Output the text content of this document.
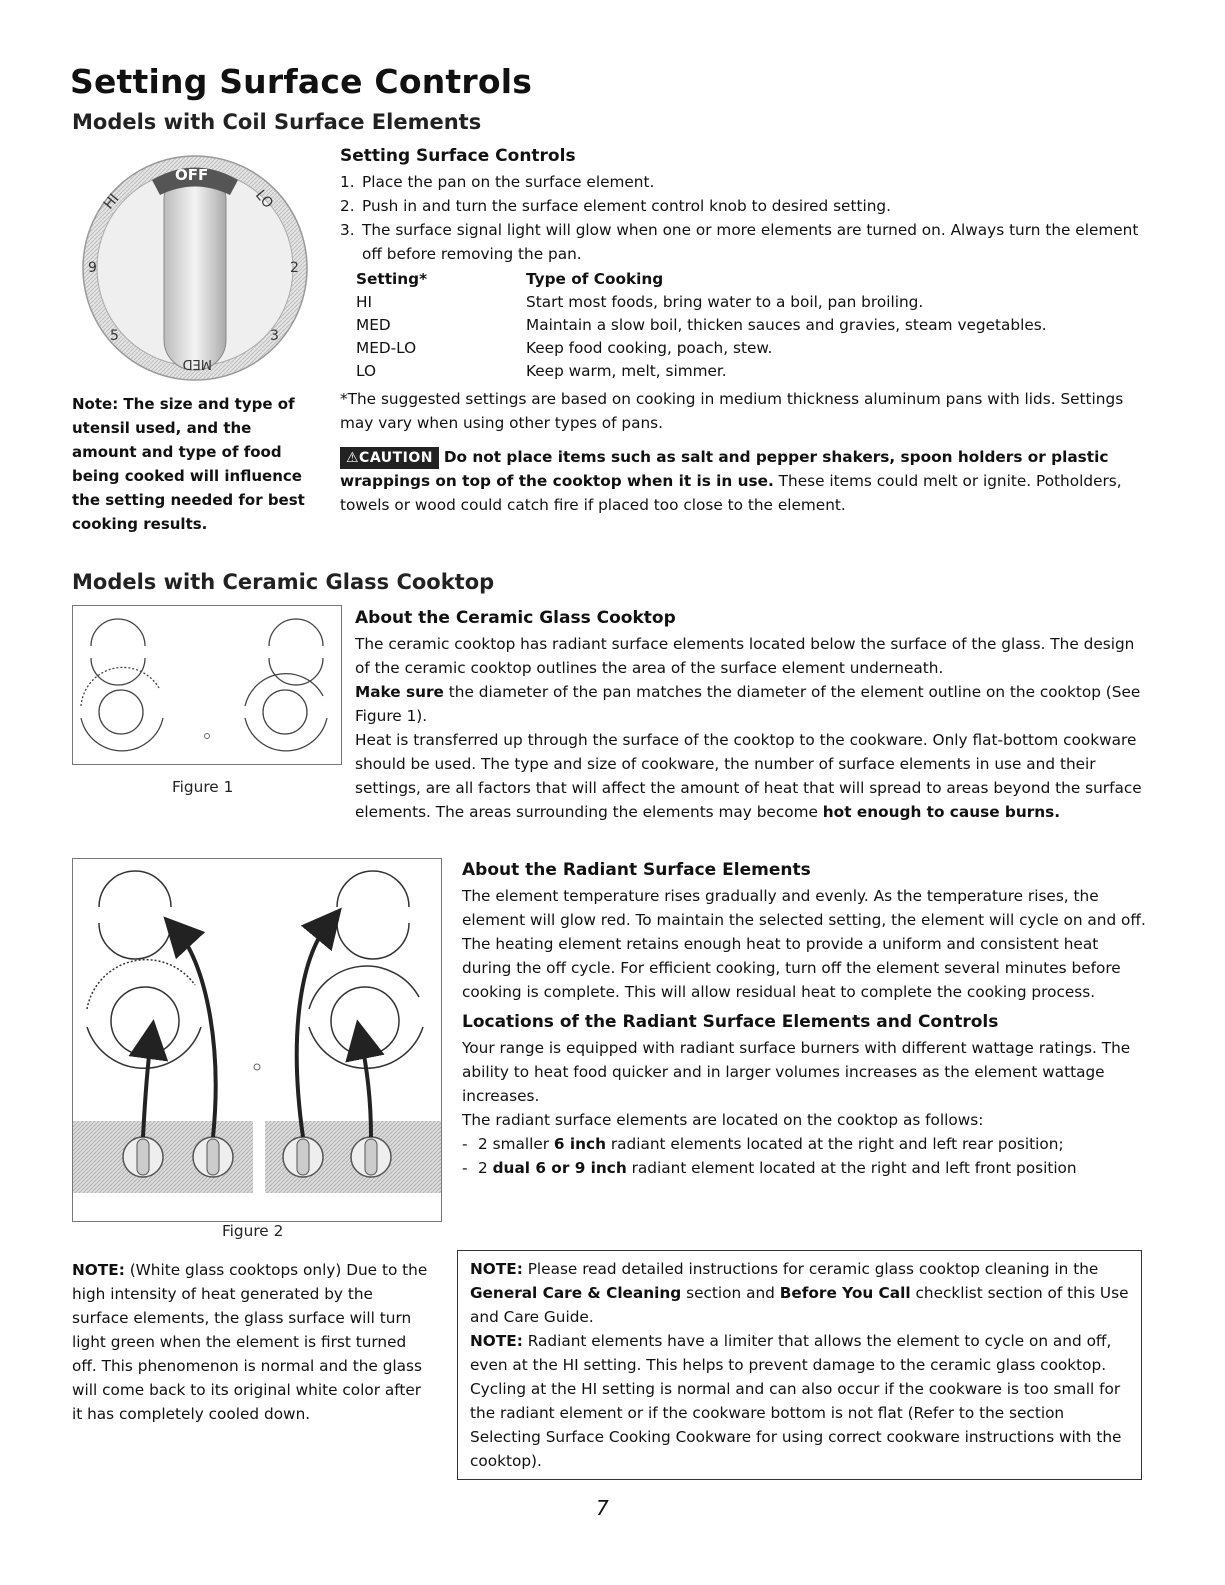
Setting Surface Controls
Models with Coil Surface Elements
OFF
HI	LO
9	2
5	3
MED

Note: The size and type of utensil used, and the amount and type of food being cooked will influence the setting needed for best cooking results.

Setting Surface Controls
1. Place the pan on the surface element.
2. Push in and turn the surface element control knob to desired setting.
3. The surface signal light will glow when one or more elements are turned on. Always turn the element off before removing the pan.
Setting*	Type of Cooking
HI	Start most foods, bring water to a boil, pan broiling.
MED	Maintain a slow boil, thicken sauces and gravies, steam vegetables.
MED-LO	Keep food cooking, poach, stew.
LO	Keep warm, melt, simmer.

*The suggested settings are based on cooking in medium thickness aluminum pans with lids. Settings may vary when using other types of pans.

⚠CAUTION Do not place items such as salt and pepper shakers, spoon holders or plastic wrappings on top of the cooktop when it is in use. These items could melt or ignite. Potholders, towels or wood could catch fire if placed too close to the element.

Models with Ceramic Glass Cooktop
Figure 1
About the Ceramic Glass Cooktop

The ceramic cooktop has radiant surface elements located below the surface of the glass. The design of the ceramic cooktop outlines the area of the surface element underneath.

Make sure the diameter of the pan matches the diameter of the element outline on the cooktop (See Figure 1).

Heat is transferred up through the surface of the cooktop to the cookware. Only flat-bottom cookware should be used. The type and size of cookware, the number of surface elements in use and their settings, are all factors that will affect the amount of heat that will spread to areas beyond the surface elements. The areas surrounding the elements may become hot enough to cause burns.

Figure 2
About the Radiant Surface Elements

The element temperature rises gradually and evenly. As the temperature rises, the element will glow red. To maintain the selected setting, the element will cycle on and off. The heating element retains enough heat to provide a uniform and consistent heat during the off cycle. For efficient cooking, turn off the element several minutes before cooking is complete. This will allow residual heat to complete the cooking process.

Locations of the Radiant Surface Elements and Controls

Your range is equipped with radiant surface burners with different wattage ratings. The ability to heat food quicker and in larger volumes increases as the element wattage increases.

The radiant surface elements are located on the cooktop as follows:

- 2 smaller 6 inch radiant elements located at the right and left rear position;
- 2 dual 6 or 9 inch radiant element located at the right and left front position

NOTE: (White glass cooktops only) Due to the high intensity of heat generated by the surface elements, the glass surface will turn light green when the element is first turned off. This phenomenon is normal and the glass will come back to its original white color after it has completely cooled down.

NOTE: Please read detailed instructions for ceramic glass cooktop cleaning in the General Care & Cleaning section and Before You Call checklist section of this Use and Care Guide.

NOTE: Radiant elements have a limiter that allows the element to cycle on and off, even at the HI setting. This helps to prevent damage to the ceramic glass cooktop. Cycling at the HI setting is normal and can also occur if the cookware is too small for the radiant element or if the cookware bottom is not flat (Refer to the section Selecting Surface Cooking Cookware for using correct cookware instructions with the cooktop).

7
